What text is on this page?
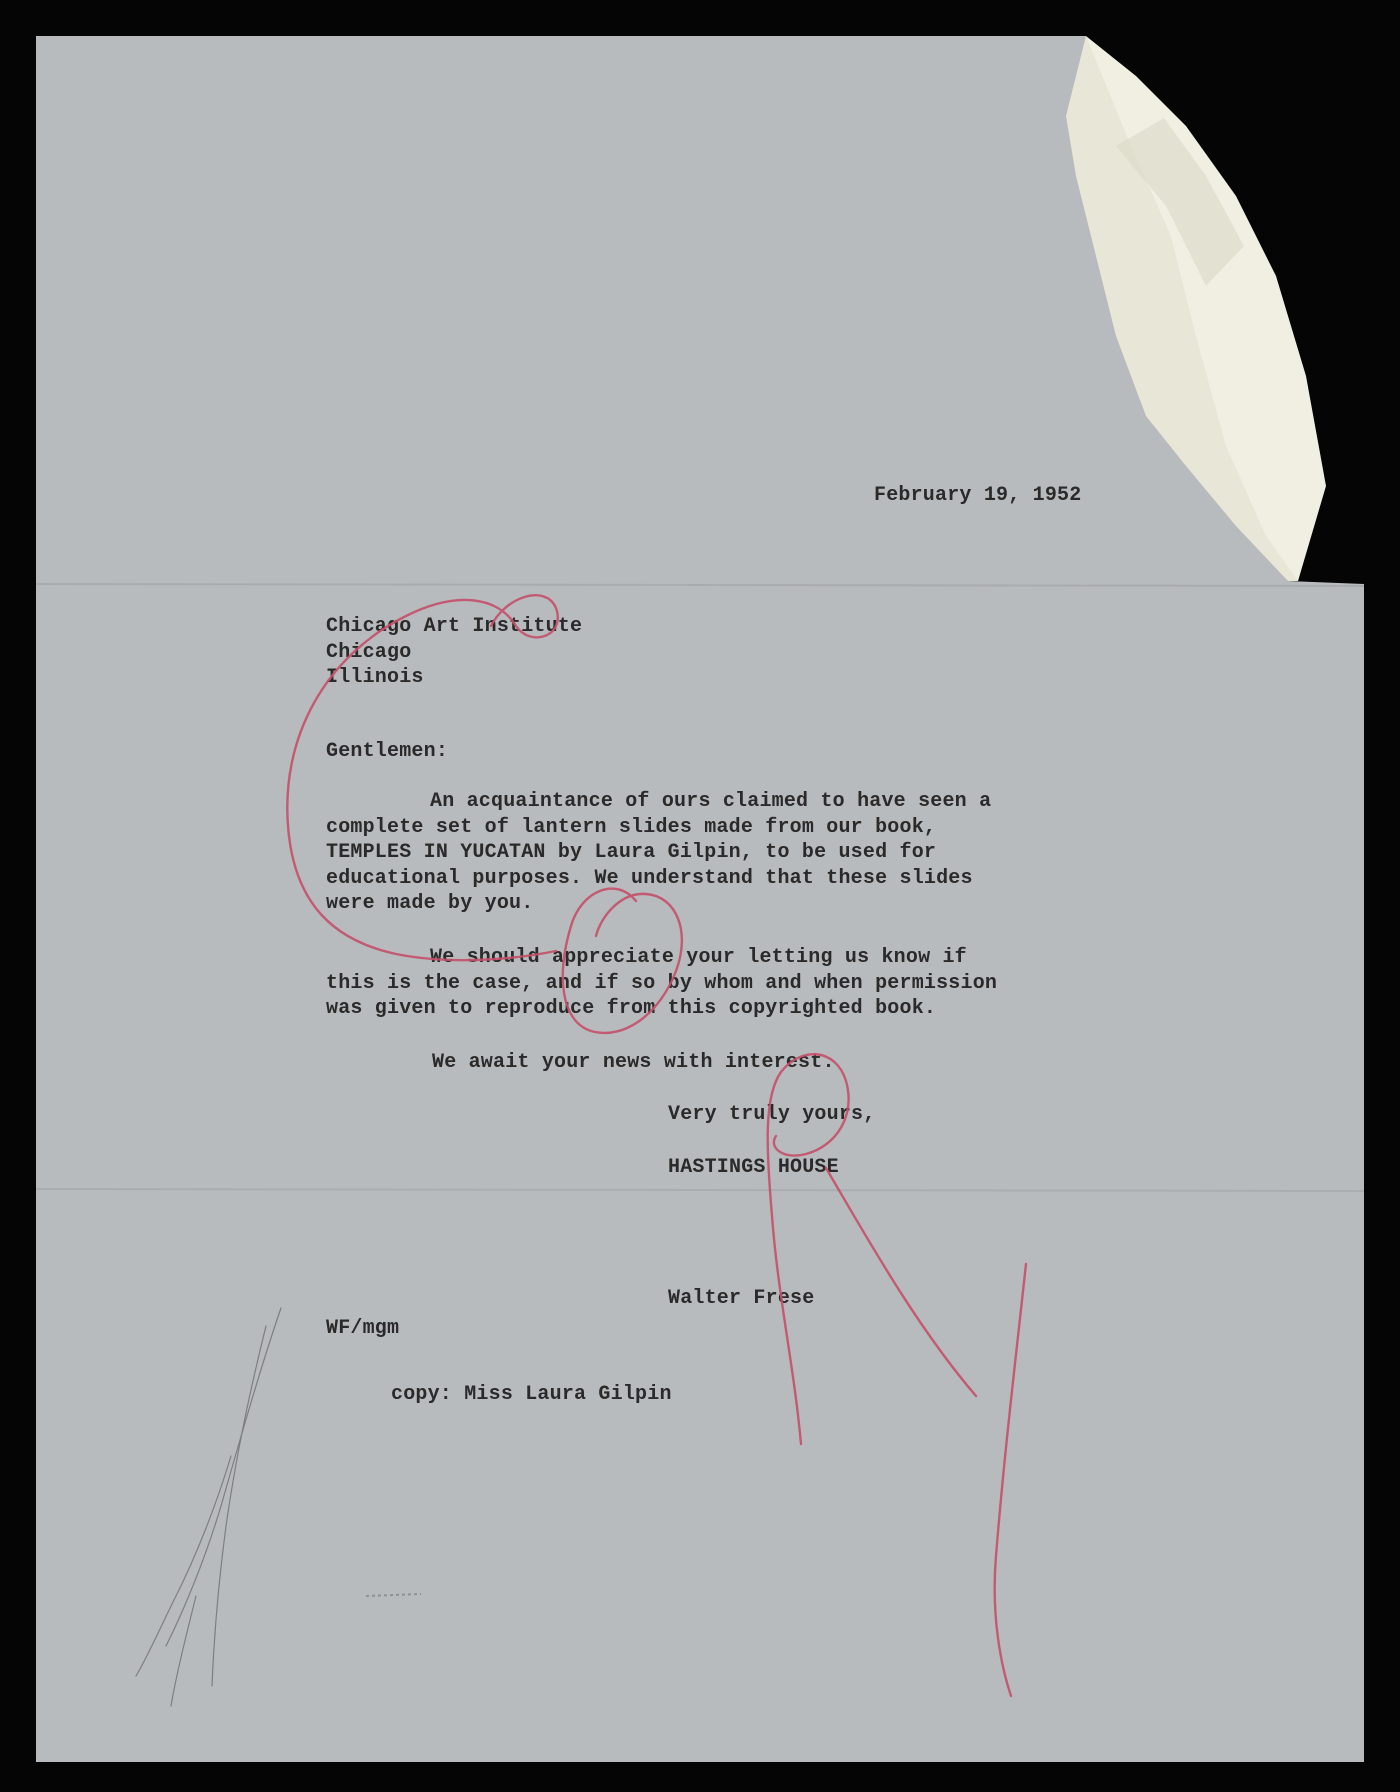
February 19, 1952
Chicago Art Institute
Chicago
Illinois
Gentlemen:
An acquaintance of ours claimed to have seen a
complete set of lantern slides made from our book,
TEMPLES IN YUCATAN by Laura Gilpin, to be used for
educational purposes. We understand that these slides
were made by you.
We should appreciate your letting us know if
this is the case, and if so by whom and when permission
was given to reproduce from this copyrighted book.
We await your news with interest.
Very truly yours,
HASTINGS HOUSE
Walter Frese
WF/mgm
copy: Miss Laura Gilpin
